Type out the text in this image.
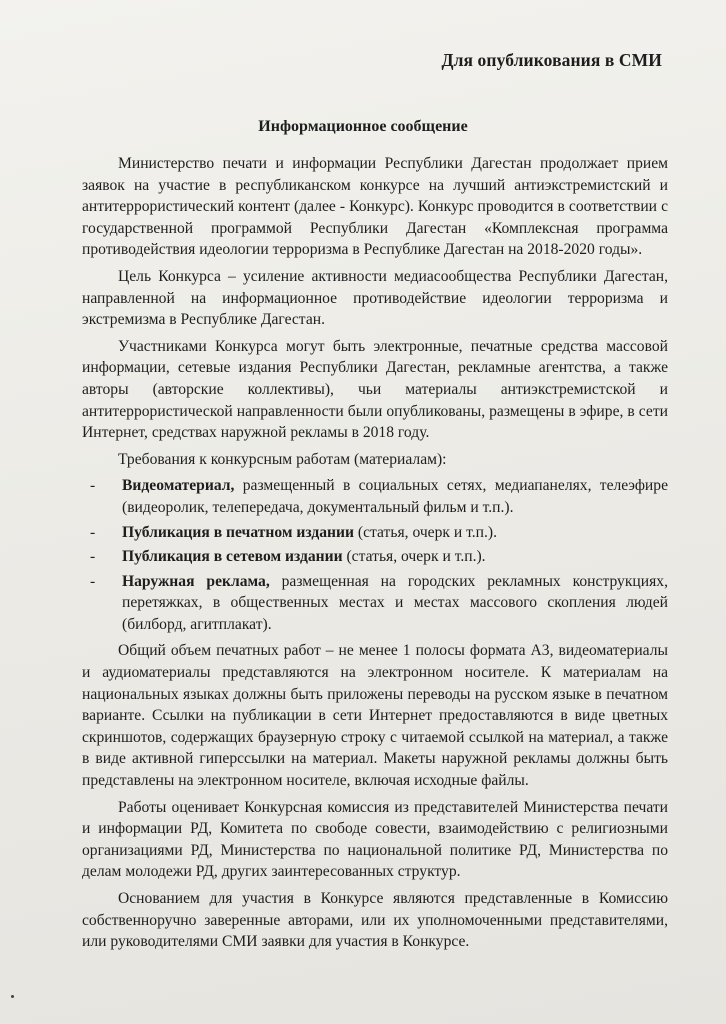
Для опубликования в СМИ
Информационное сообщение

Министерство печати и информации Республики Дагестан продолжает прием заявок на участие в республиканском конкурсе на лучший антиэкстремистский и антитеррористический контент (далее - Конкурс). Конкурс проводится в соответствии с государственной программой Республики Дагестан «Комплексная программа противодействия идеологии терроризма в Республике Дагестан на 2018-2020 годы».

Цель Конкурса – усиление активности медиасообщества Республики Дагестан, направленной на информационное противодействие идеологии терроризма и экстремизма в Республике Дагестан.

Участниками Конкурса могут быть электронные, печатные средства массовой информации, сетевые издания Республики Дагестан, рекламные агентства, а также авторы (авторские коллективы), чьи материалы антиэкстремистской и антитеррористической направленности были опубликованы, размещены в эфире, в сети Интернет, средствах наружной рекламы в 2018 году.

Требования к конкурсным работам (материалам):

- Видеоматериал, размещенный в социальных сетях, медиапанелях, телеэфире (видеоролик, телепередача, документальный фильм и т.п.).
- Публикация в печатном издании (статья, очерк и т.п.).
- Публикация в сетевом издании (статья, очерк и т.п.).
- Наружная реклама, размещенная на городских рекламных конструкциях, перетяжках, в общественных местах и местах массового скопления людей (билборд, агитплакат).

Общий объем печатных работ – не менее 1 полосы формата А3, видеоматериалы и аудиоматериалы представляются на электронном носителе. К материалам на национальных языках должны быть приложены переводы на русском языке в печатном варианте. Ссылки на публикации в сети Интернет предоставляются в виде цветных скриншотов, содержащих браузерную строку с читаемой ссылкой на материал, а также в виде активной гиперссылки на материал. Макеты наружной рекламы должны быть представлены на электронном носителе, включая исходные файлы.

Работы оценивает Конкурсная комиссия из представителей Министерства печати и информации РД, Комитета по свободе совести, взаимодействию с религиозными организациями РД, Министерства по национальной политике РД, Министерства по делам молодежи РД, других заинтересованных структур.

Основанием для участия в Конкурсе являются представленные в Комиссию собственноручно заверенные авторами, или их уполномоченными представителями, или руководителями СМИ заявки для участия в Конкурсе.
